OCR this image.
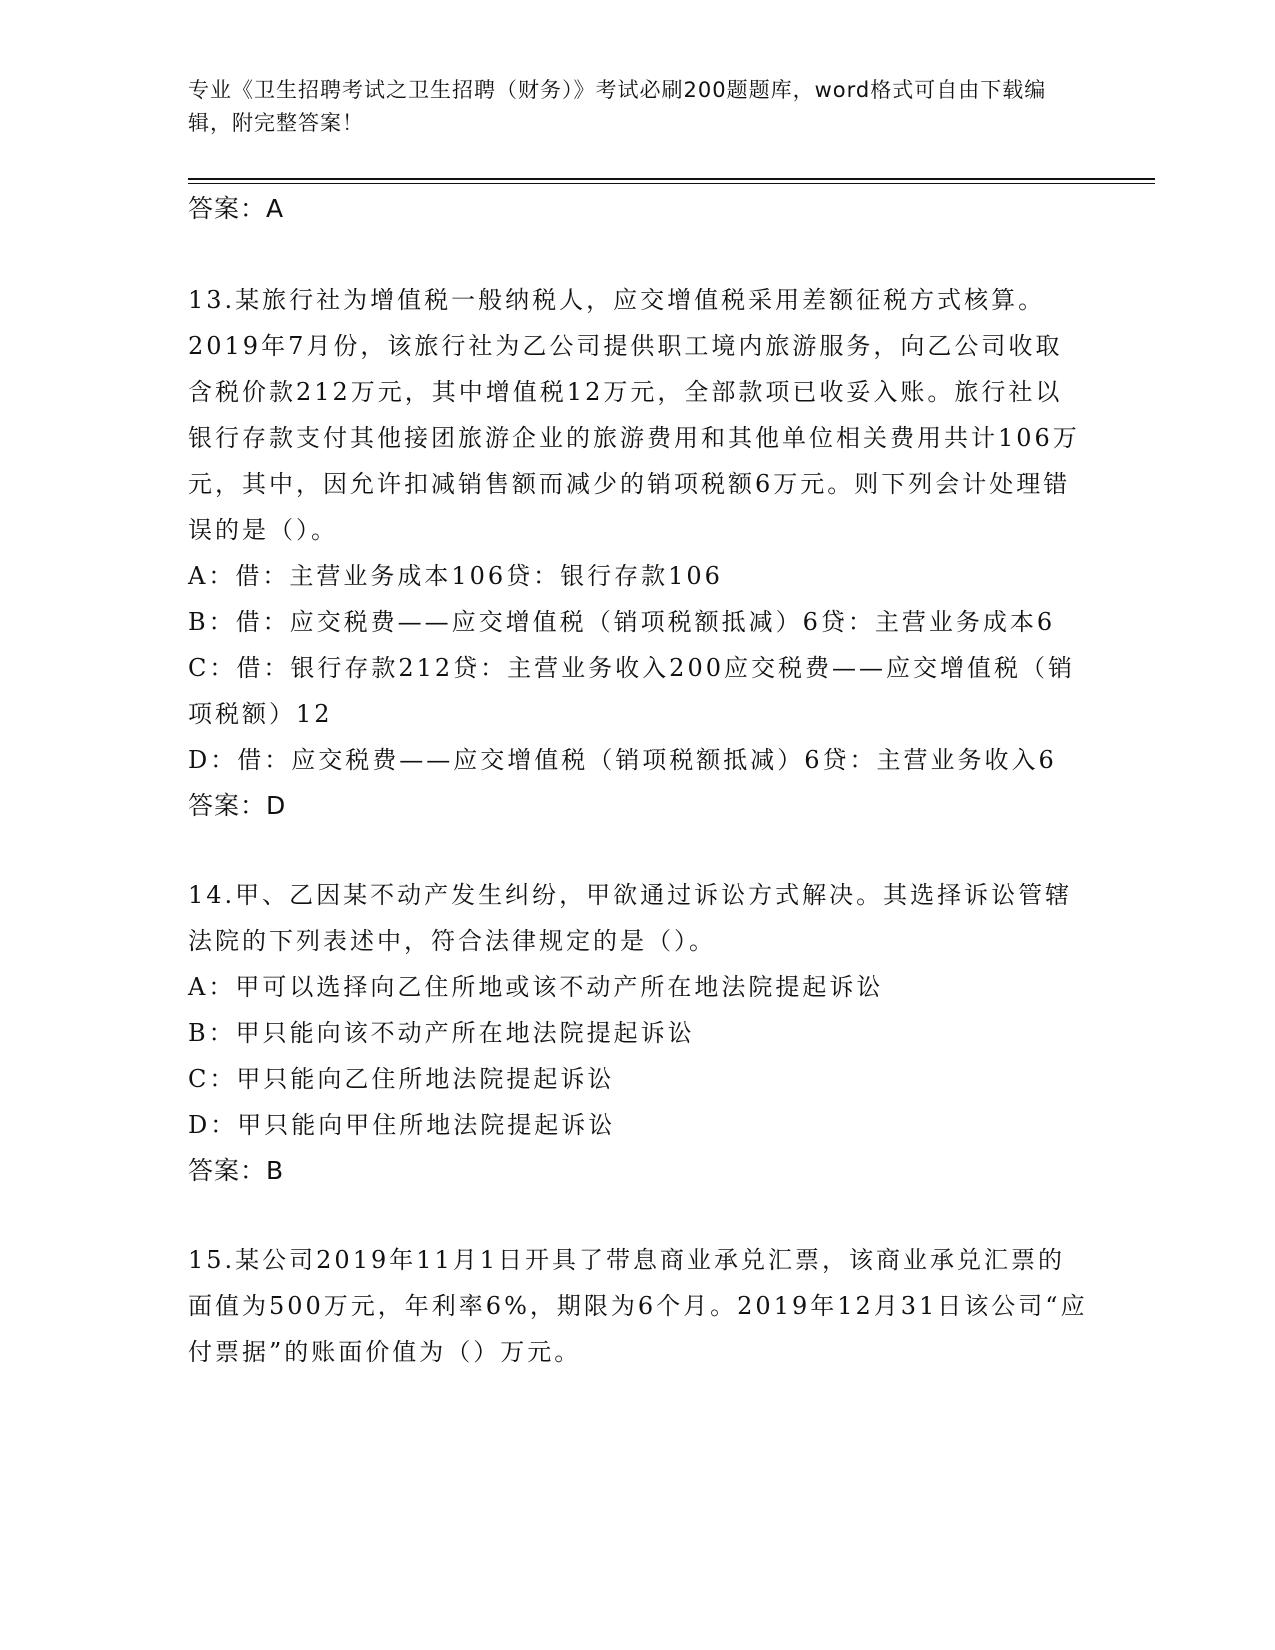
专业《卫生招聘考试之卫生招聘（财务）》考试必刷200题题库，word格式可自由下载编辑，附完整答案！

答案：A

13.某旅行社为增值税一般纳税人，应交增值税采用差额征税方式核算。2019年7月份，该旅行社为乙公司提供职工境内旅游服务，向乙公司收取含税价款212万元，其中增值税12万元，全部款项已收妥入账。旅行社以银行存款支付其他接团旅游企业的旅游费用和其他单位相关费用共计106万元，其中，因允许扣减销售额而减少的销项税额6万元。则下列会计处理错误的是（）。

A：借：主营业务成本106贷：银行存款106

B：借：应交税费——应交增值税（销项税额抵减）6贷：主营业务成本6

C：借：银行存款212贷：主营业务收入200应交税费——应交增值税（销项税额）12

D：借：应交税费——应交增值税（销项税额抵减）6贷：主营业务收入6

答案：D

14.甲、乙因某不动产发生纠纷，甲欲通过诉讼方式解决。其选择诉讼管辖法院的下列表述中，符合法律规定的是（）。

A：甲可以选择向乙住所地或该不动产所在地法院提起诉讼

B：甲只能向该不动产所在地法院提起诉讼

C：甲只能向乙住所地法院提起诉讼

D：甲只能向甲住所地法院提起诉讼

答案：B

15.某公司2019年11月1日开具了带息商业承兑汇票，该商业承兑汇票的面值为500万元，年利率6%，期限为6个月。2019年12月31日该公司“应付票据”的账面价值为（）万元。
